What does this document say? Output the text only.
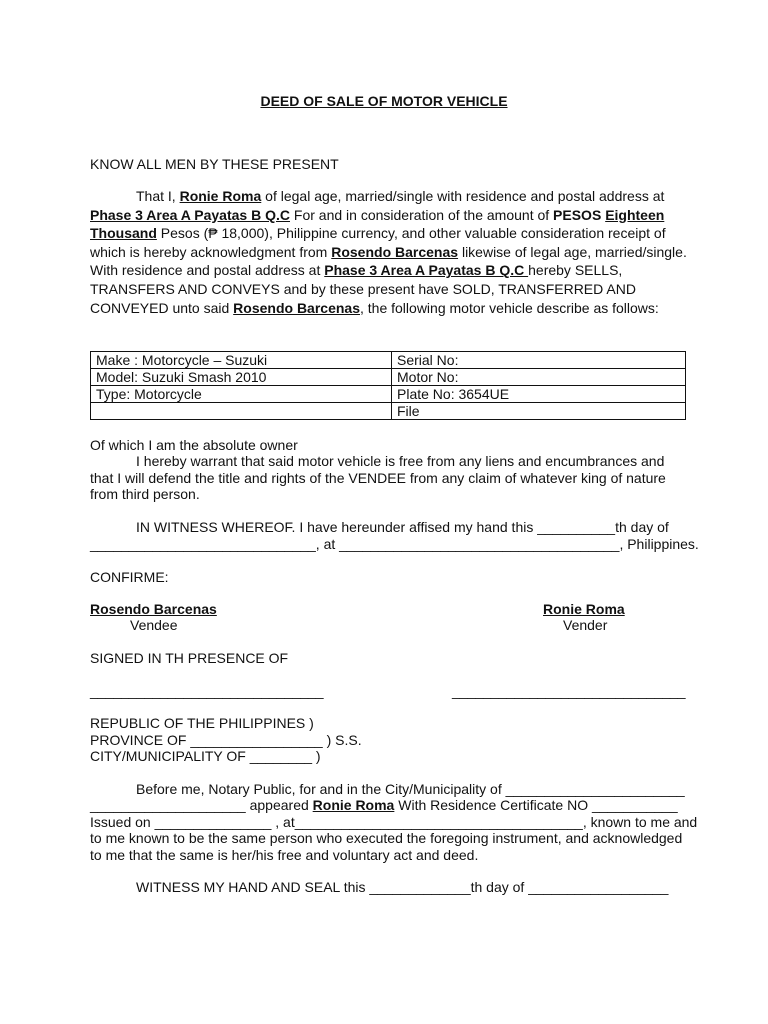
DEED OF SALE OF MOTOR VEHICLE
KNOW ALL MEN BY THESE PRESENT
That I, Ronie Roma of legal age, married/single with residence and postal address at Phase 3 Area A Payatas B Q.C For and in consideration of the amount of PESOS Eighteen Thousand Pesos (₱ 18,000), Philippine currency, and other valuable consideration receipt of which is hereby acknowledgment from Rosendo Barcenas likewise of legal age, married/single. With residence and postal address at Phase 3 Area A Payatas B Q.C hereby SELLS, TRANSFERS AND CONVEYS and by these present have SOLD, TRANSFERRED AND CONVEYED unto said Rosendo Barcenas, the following motor vehicle describe as follows:
Make : Motorcycle – Suzuki	Serial No:
Model: Suzuki Smash 2010	Motor No:
Type: Motorcycle	Plate No: 3654UE
	File
Of which I am the absolute owner
I hereby warrant that said motor vehicle is free from any liens and encumbrances and that I will defend the title and rights of the VENDEE from any claim of whatever king of nature from third person.
IN WITNESS WHEREOF. I have hereunder affised my hand this __________th day of
_____________________________, at ____________________________________, Philippines.
CONFIRME:
Rosendo Barcenas
Vendee
Ronie Roma
Vender
SIGNED IN TH PRESENCE OF
______________________________	______________________________
REPUBLIC OF THE PHILIPPINES )
PROVINCE OF _________________ ) S.S.
CITY/MUNICIPALITY OF ________ )
Before me, Notary Public, for and in the City/Municipality of _______________________
____________________ appeared Ronie Roma With Residence Certificate NO ___________
Issued on _______________ , at_____________________________________, known to me and
to me known to be the same person who executed the foregoing instrument, and acknowledged
to me that the same is her/his free and voluntary act and deed.
WITNESS MY HAND AND SEAL this _____________th day of __________________
